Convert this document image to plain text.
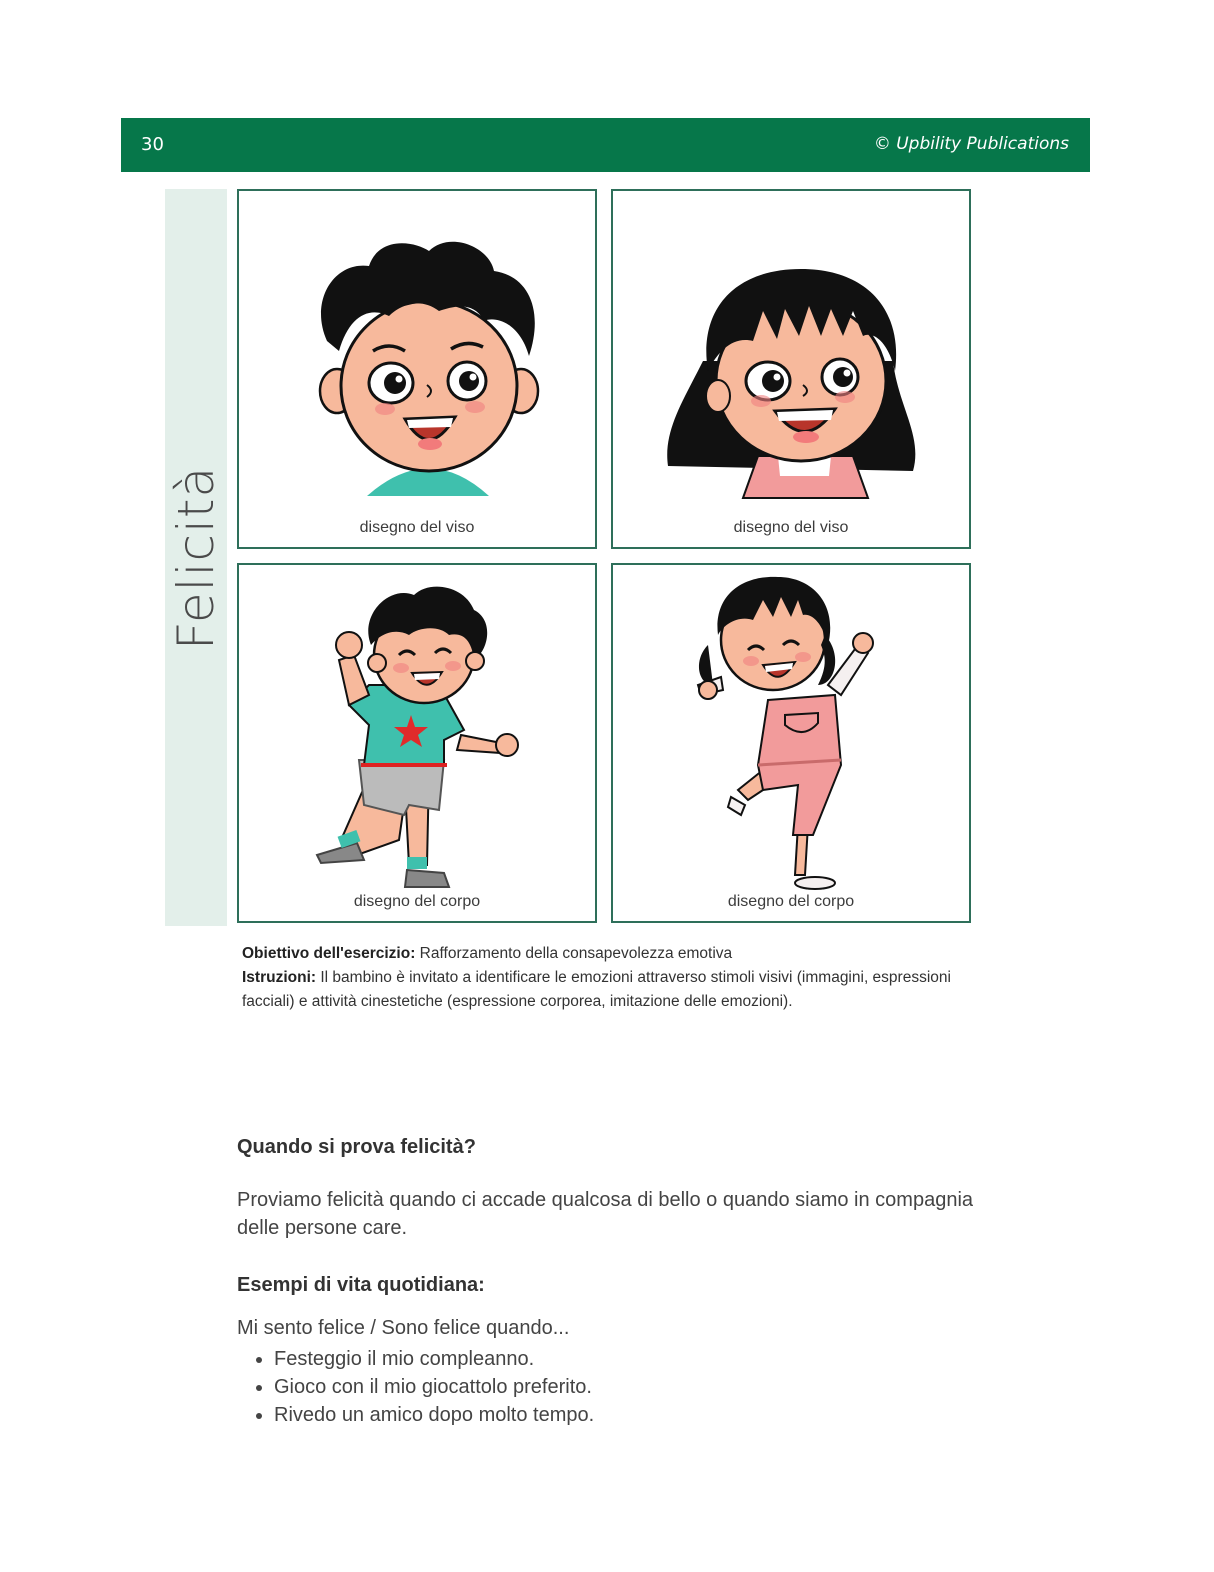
30	© Upbility Publications
Felicità	disegno del viso	disegno del viso
disegno del corpo	disegno del corpo
Obiettivo dell'esercizio: Rafforzamento della consapevolezza emotiva
Istruzioni: Il bambino è invitato a identificare le emozioni attraverso stimoli visivi (immagini, espressioni facciali) e attività cinestetiche (espressione corporea, imitazione delle emozioni).
Quando si prova felicità?
Proviamo felicità quando ci accade qualcosa di bello o quando siamo in compagnia delle persone care.
Esempi di vita quotidiana:
Mi sento felice / Sono felice quando...
• Festeggio il mio compleanno.
• Gioco con il mio giocattolo preferito.
• Rivedo un amico dopo molto tempo.
